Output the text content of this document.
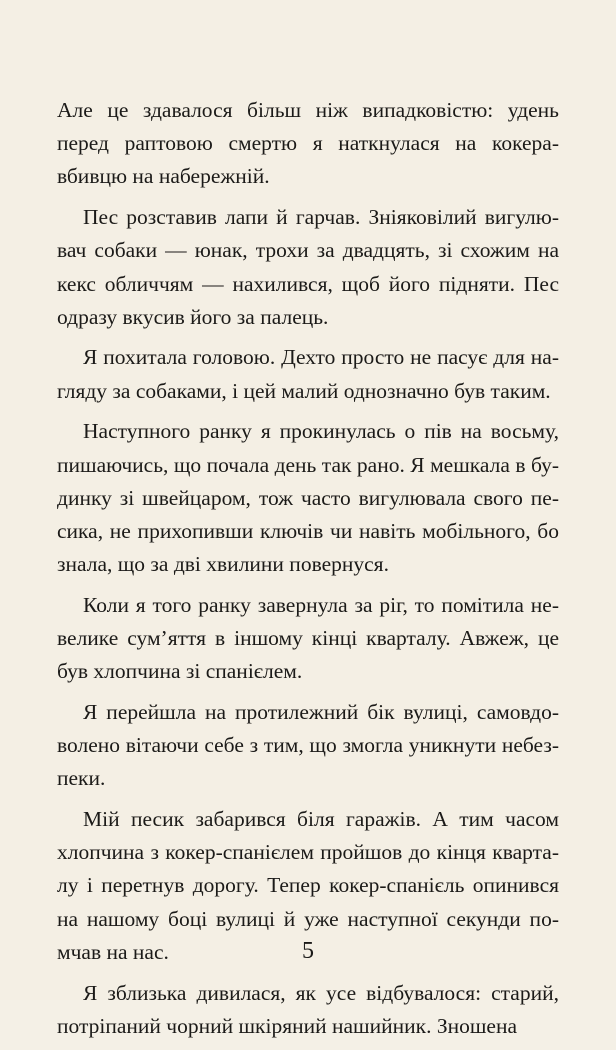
Але це здавалося більш ніж випадковістю: удень перед раптовою смертю я наткнулася на кокера-вбивцю на набережній.

Пес розставив лапи й гарчав. Зніяковілий вигулювач собаки — юнак, трохи за двадцять, зі схожим на кекс обличчям — нахилився, щоб його підняти. Пес одразу вкусив його за палець.

Я похитала головою. Дехто просто не пасує для нагляду за собаками, і цей малий однозначно був таким.

Наступного ранку я прокинулась о пів на восьму, пишаючись, що почала день так рано. Я мешкала в будинку зі швейцаром, тож часто вигулювала свого песика, не прихопивши ключів чи навіть мобільного, бо знала, що за дві хвилини повернуся.

Коли я того ранку завернула за ріг, то помітила невелике сум’яття в іншому кінці кварталу. Авжеж, це був хлопчина зі спанієлем.

Я перейшла на протилежний бік вулиці, самовдоволено вітаючи себе з тим, що змогла уникнути небезпеки.

Мій песик забарився біля гаражів. А тим часом хлопчина з кокер-спанієлем пройшов до кінця кварталу і перетнув дорогу. Тепер кокер-спанієль опинився на нашому боці вулиці й уже наступної секунди помчав на нас.

Я зблизька дивилася, як усе відбувалося: старий, потріпаний чорний шкіряний нашийник. Зношена

5
